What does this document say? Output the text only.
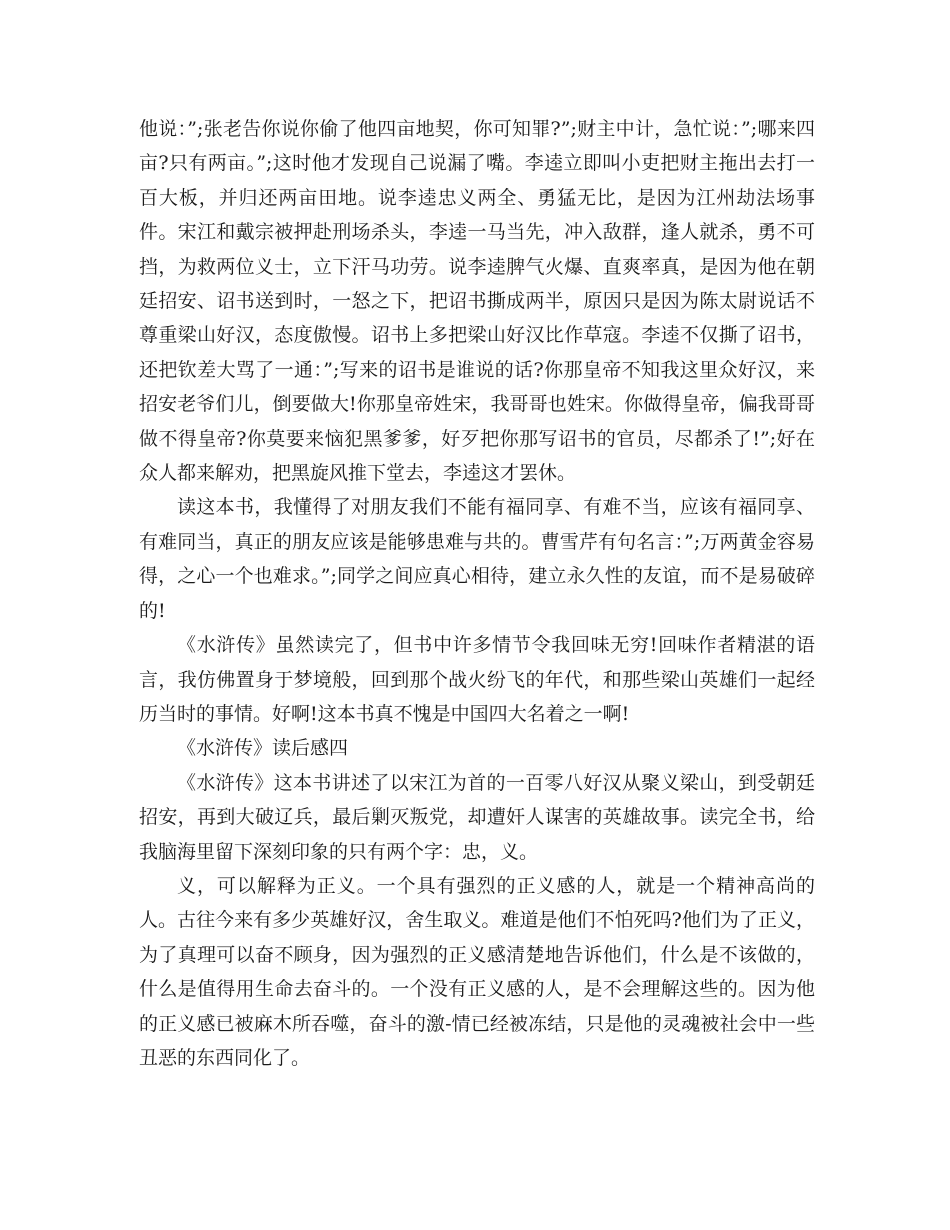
他说：”;张老告你说你偷了他四亩地契，你可知罪?”;财主中计，急忙说：”;哪来四亩?只有两亩。”;这时他才发现自己说漏了嘴。李逵立即叫小吏把财主拖出去打一百大板，并归还两亩田地。说李逵忠义两全、勇猛无比，是因为江州劫法场事件。宋江和戴宗被押赴刑场杀头，李逵一马当先，冲入敌群，逢人就杀，勇不可挡，为救两位义士，立下汗马功劳。说李逵脾气火爆、直爽率真，是因为他在朝廷招安、诏书送到时，一怒之下，把诏书撕成两半，原因只是因为陈太尉说话不尊重梁山好汉，态度傲慢。诏书上多把梁山好汉比作草寇。李逵不仅撕了诏书，还把钦差大骂了一通：”;写来的诏书是谁说的话?你那皇帝不知我这里众好汉，来招安老爷们儿，倒要做大!你那皇帝姓宋，我哥哥也姓宋。你做得皇帝，偏我哥哥做不得皇帝?你莫要来恼犯黑爹爹，好歹把你那写诏书的官员，尽都杀了!”;好在众人都来解劝，把黑旋风推下堂去，李逵这才罢休。

读这本书，我懂得了对朋友我们不能有福同享、有难不当，应该有福同享、有难同当，真正的朋友应该是能够患难与共的。曹雪芹有句名言：”;万两黄金容易得，之心一个也难求。”;同学之间应真心相待，建立永久性的友谊，而不是易破碎的!

《水浒传》虽然读完了，但书中许多情节令我回味无穷!回味作者精湛的语言，我仿佛置身于梦境般，回到那个战火纷飞的年代，和那些梁山英雄们一起经历当时的事情。好啊!这本书真不愧是中国四大名着之一啊!

《水浒传》读后感四

《水浒传》这本书讲述了以宋江为首的一百零八好汉从聚义梁山，到受朝廷招安，再到大破辽兵，最后剿灭叛党，却遭奸人谋害的英雄故事。读完全书，给我脑海里留下深刻印象的只有两个字：忠，义。

义，可以解释为正义。一个具有强烈的正义感的人，就是一个精神高尚的人。古往今来有多少英雄好汉，舍生取义。难道是他们不怕死吗?他们为了正义，为了真理可以奋不顾身，因为强烈的正义感清楚地告诉他们，什么是不该做的，什么是值得用生命去奋斗的。一个没有正义感的人，是不会理解这些的。因为他的正义感已被麻木所吞噬，奋斗的激-情已经被冻结，只是他的灵魂被社会中一些丑恶的东西同化了。
